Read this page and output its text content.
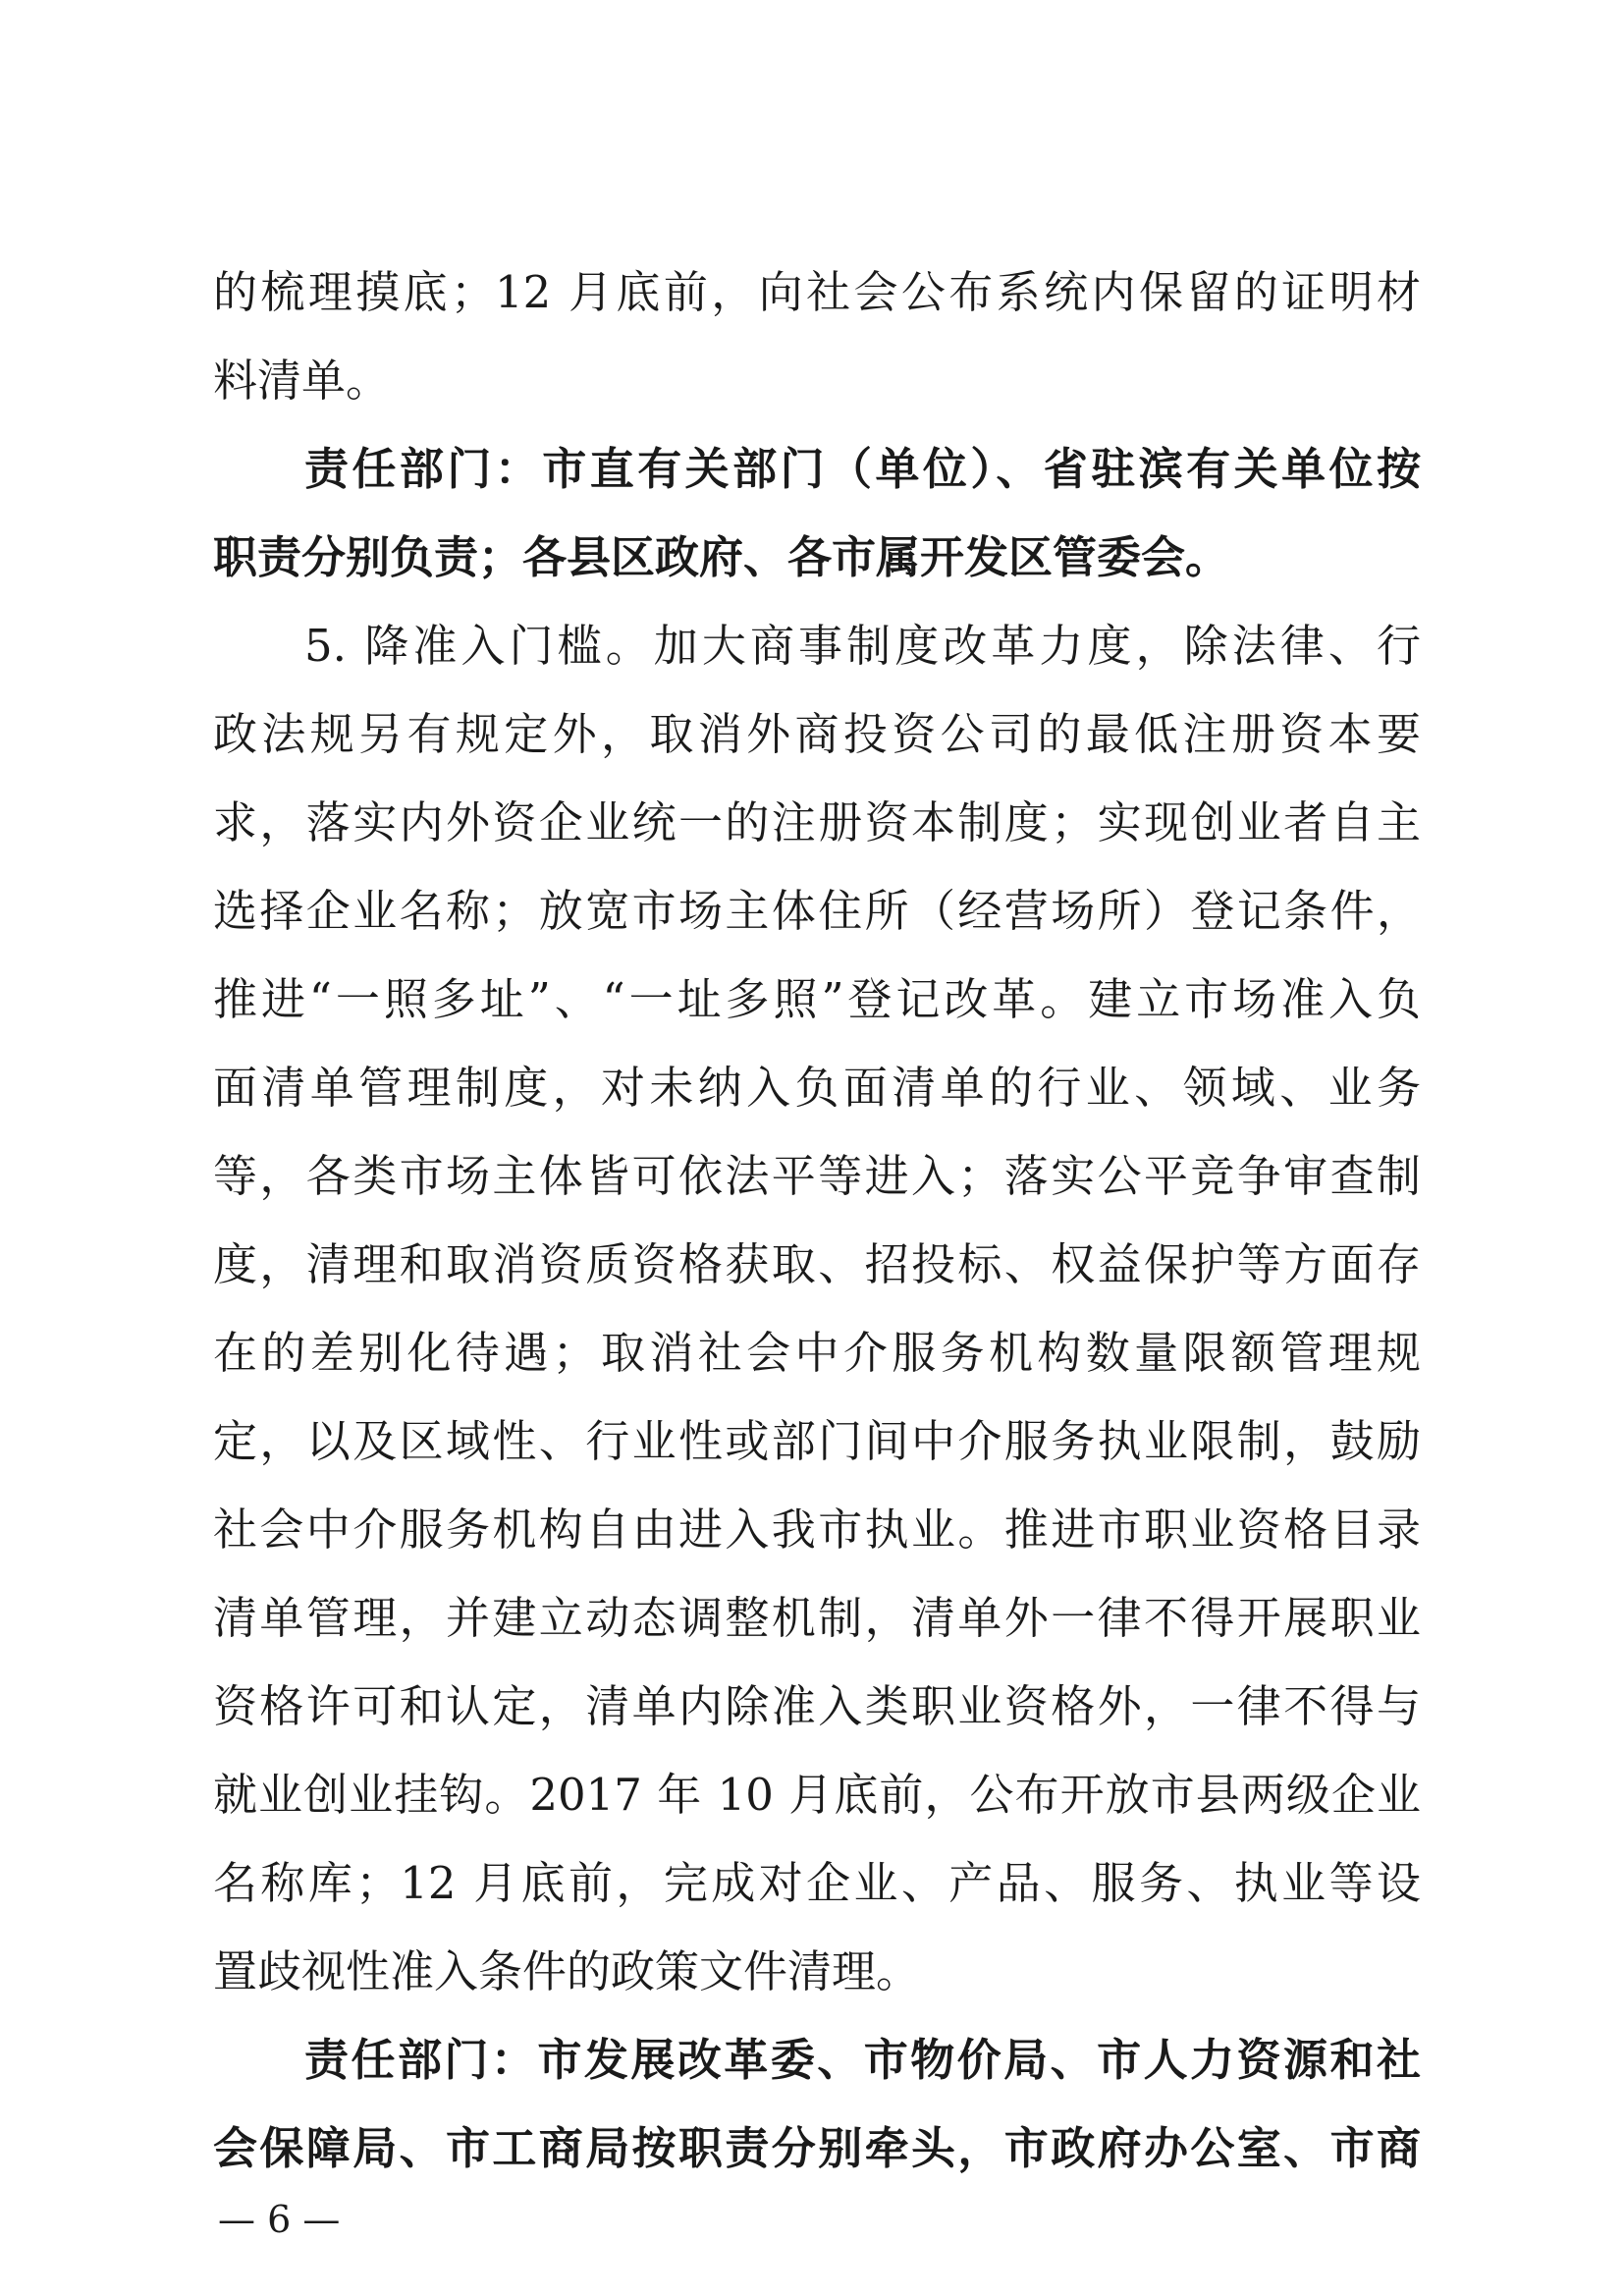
的梳理摸底；12 月底前，向社会公布系统内保留的证明材
料清单。
责任部门：市直有关部门（单位）、省驻滨有关单位按
职责分别负责；各县区政府、各市属开发区管委会。
5. 降准入门槛。加大商事制度改革力度，除法律、行
政法规另有规定外，取消外商投资公司的最低注册资本要
求，落实内外资企业统一的注册资本制度；实现创业者自主
选择企业名称；放宽市场主体住所（经营场所）登记条件，
推进“一照多址”、“一址多照”登记改革。建立市场准入负
面清单管理制度，对未纳入负面清单的行业、领域、业务
等，各类市场主体皆可依法平等进入；落实公平竞争审查制
度，清理和取消资质资格获取、招投标、权益保护等方面存
在的差别化待遇；取消社会中介服务机构数量限额管理规
定，以及区域性、行业性或部门间中介服务执业限制，鼓励
社会中介服务机构自由进入我市执业。推进市职业资格目录
清单管理，并建立动态调整机制，清单外一律不得开展职业
资格许可和认定，清单内除准入类职业资格外，一律不得与
就业创业挂钩。2017 年 10 月底前，公布开放市县两级企业
名称库；12 月底前，完成对企业、产品、服务、执业等设
置歧视性准入条件的政策文件清理。
责任部门：市发展改革委、市物价局、市人力资源和社
会保障局、市工商局按职责分别牵头，市政府办公室、市商
— 6 —
